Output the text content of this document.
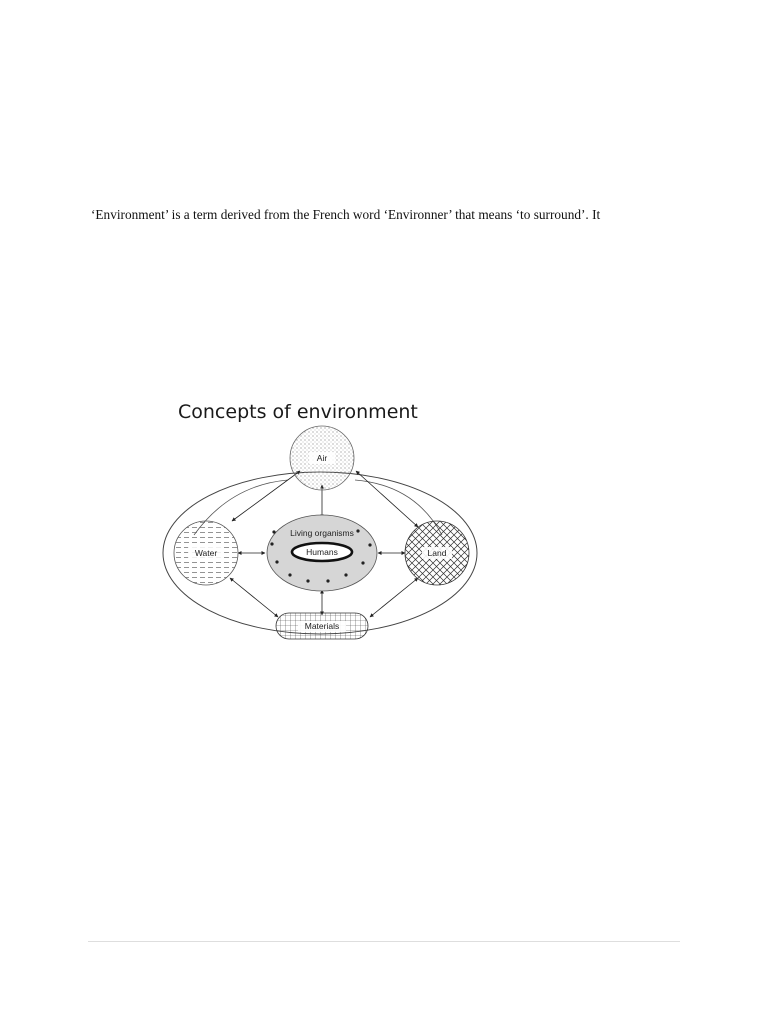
‘Environment’ is a term derived from the French word ‘Environner’ that means ‘to surround’. It

Concepts of environment
Air
Water	Land
Materials
Living organisms
Humans
